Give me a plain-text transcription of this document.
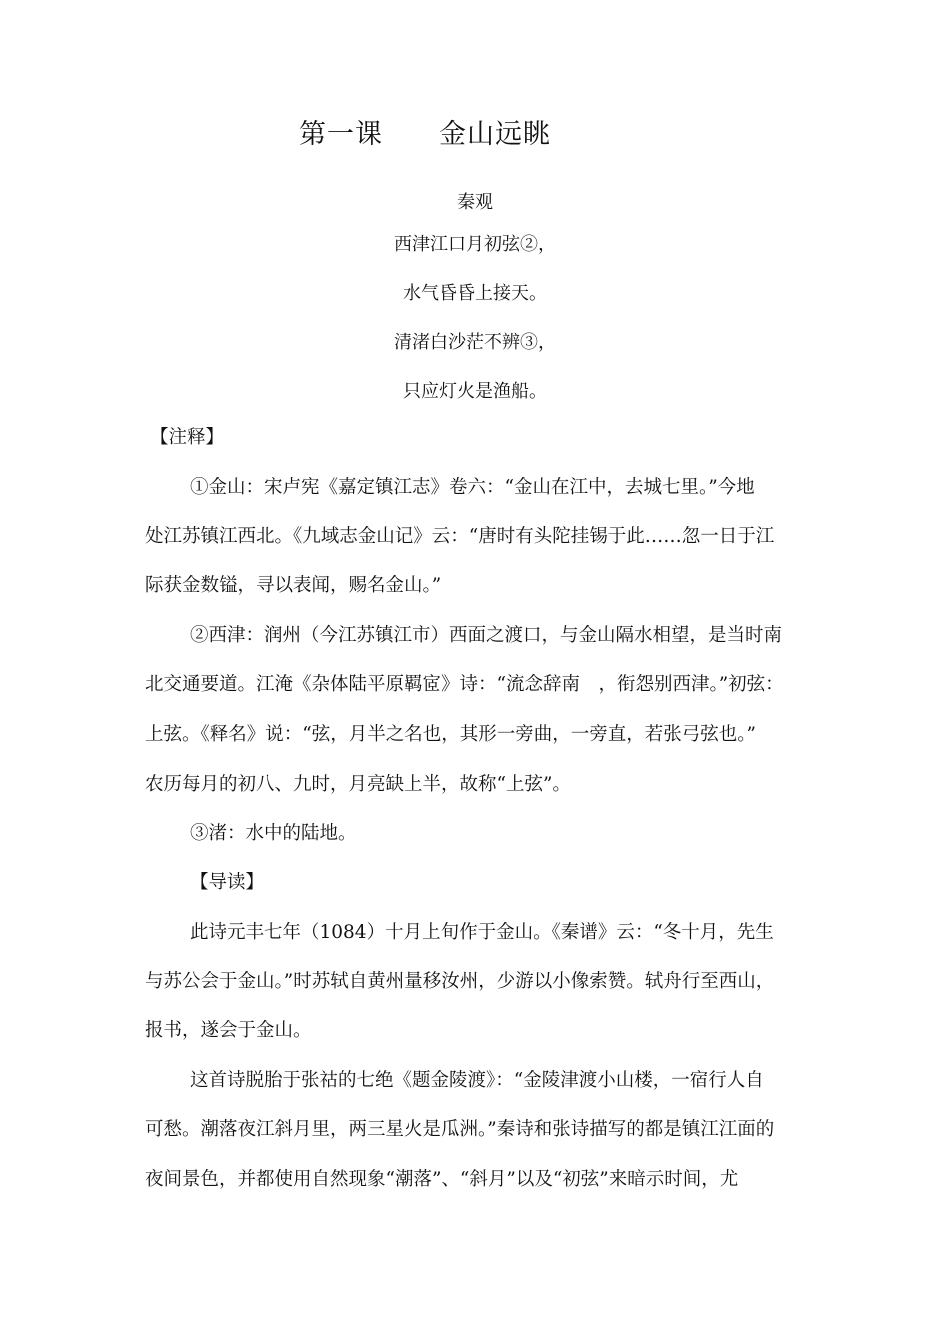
第一课　　金山远眺
秦观
西津江口月初弦②，
水气昏昏上接天。
清渚白沙茫不辨③，
只应灯火是渔船。
【注释】
①金山：宋卢宪《嘉定镇江志》卷六：“金山在江中，去城七里。”今地
处江苏镇江西北。《九域志金山记》云：“唐时有头陀挂锡于此……忽一日于江
际获金数镒，寻以表闻，赐名金山。”
②西津：润州（今江苏镇江市）西面之渡口，与金山隔水相望，是当时南
北交通要道。江淹《杂体陆平原羁宧》诗：“流念辞南　，衔怨别西津。”初弦：
上弦。《释名》说：“弦，月半之名也，其形一旁曲，一旁直，若张弓弦也。”
农历每月的初八、九时，月亮缺上半，故称“上弦”。
③渚：水中的陆地。
【导读】
此诗元丰七年（1084）十月上旬作于金山。《秦谱》云：“冬十月，先生
与苏公会于金山。”时苏轼自黄州量移汝州，少游以小像索赞。轼舟行至西山，
报书，遂会于金山。
这首诗脱胎于张祜的七绝《题金陵渡》：“金陵津渡小山楼，一宿行人自
可愁。潮落夜江斜月里，两三星火是瓜洲。”秦诗和张诗描写的都是镇江江面的
夜间景色，并都使用自然现象“潮落”、“斜月”以及“初弦”来暗示时间，尤
